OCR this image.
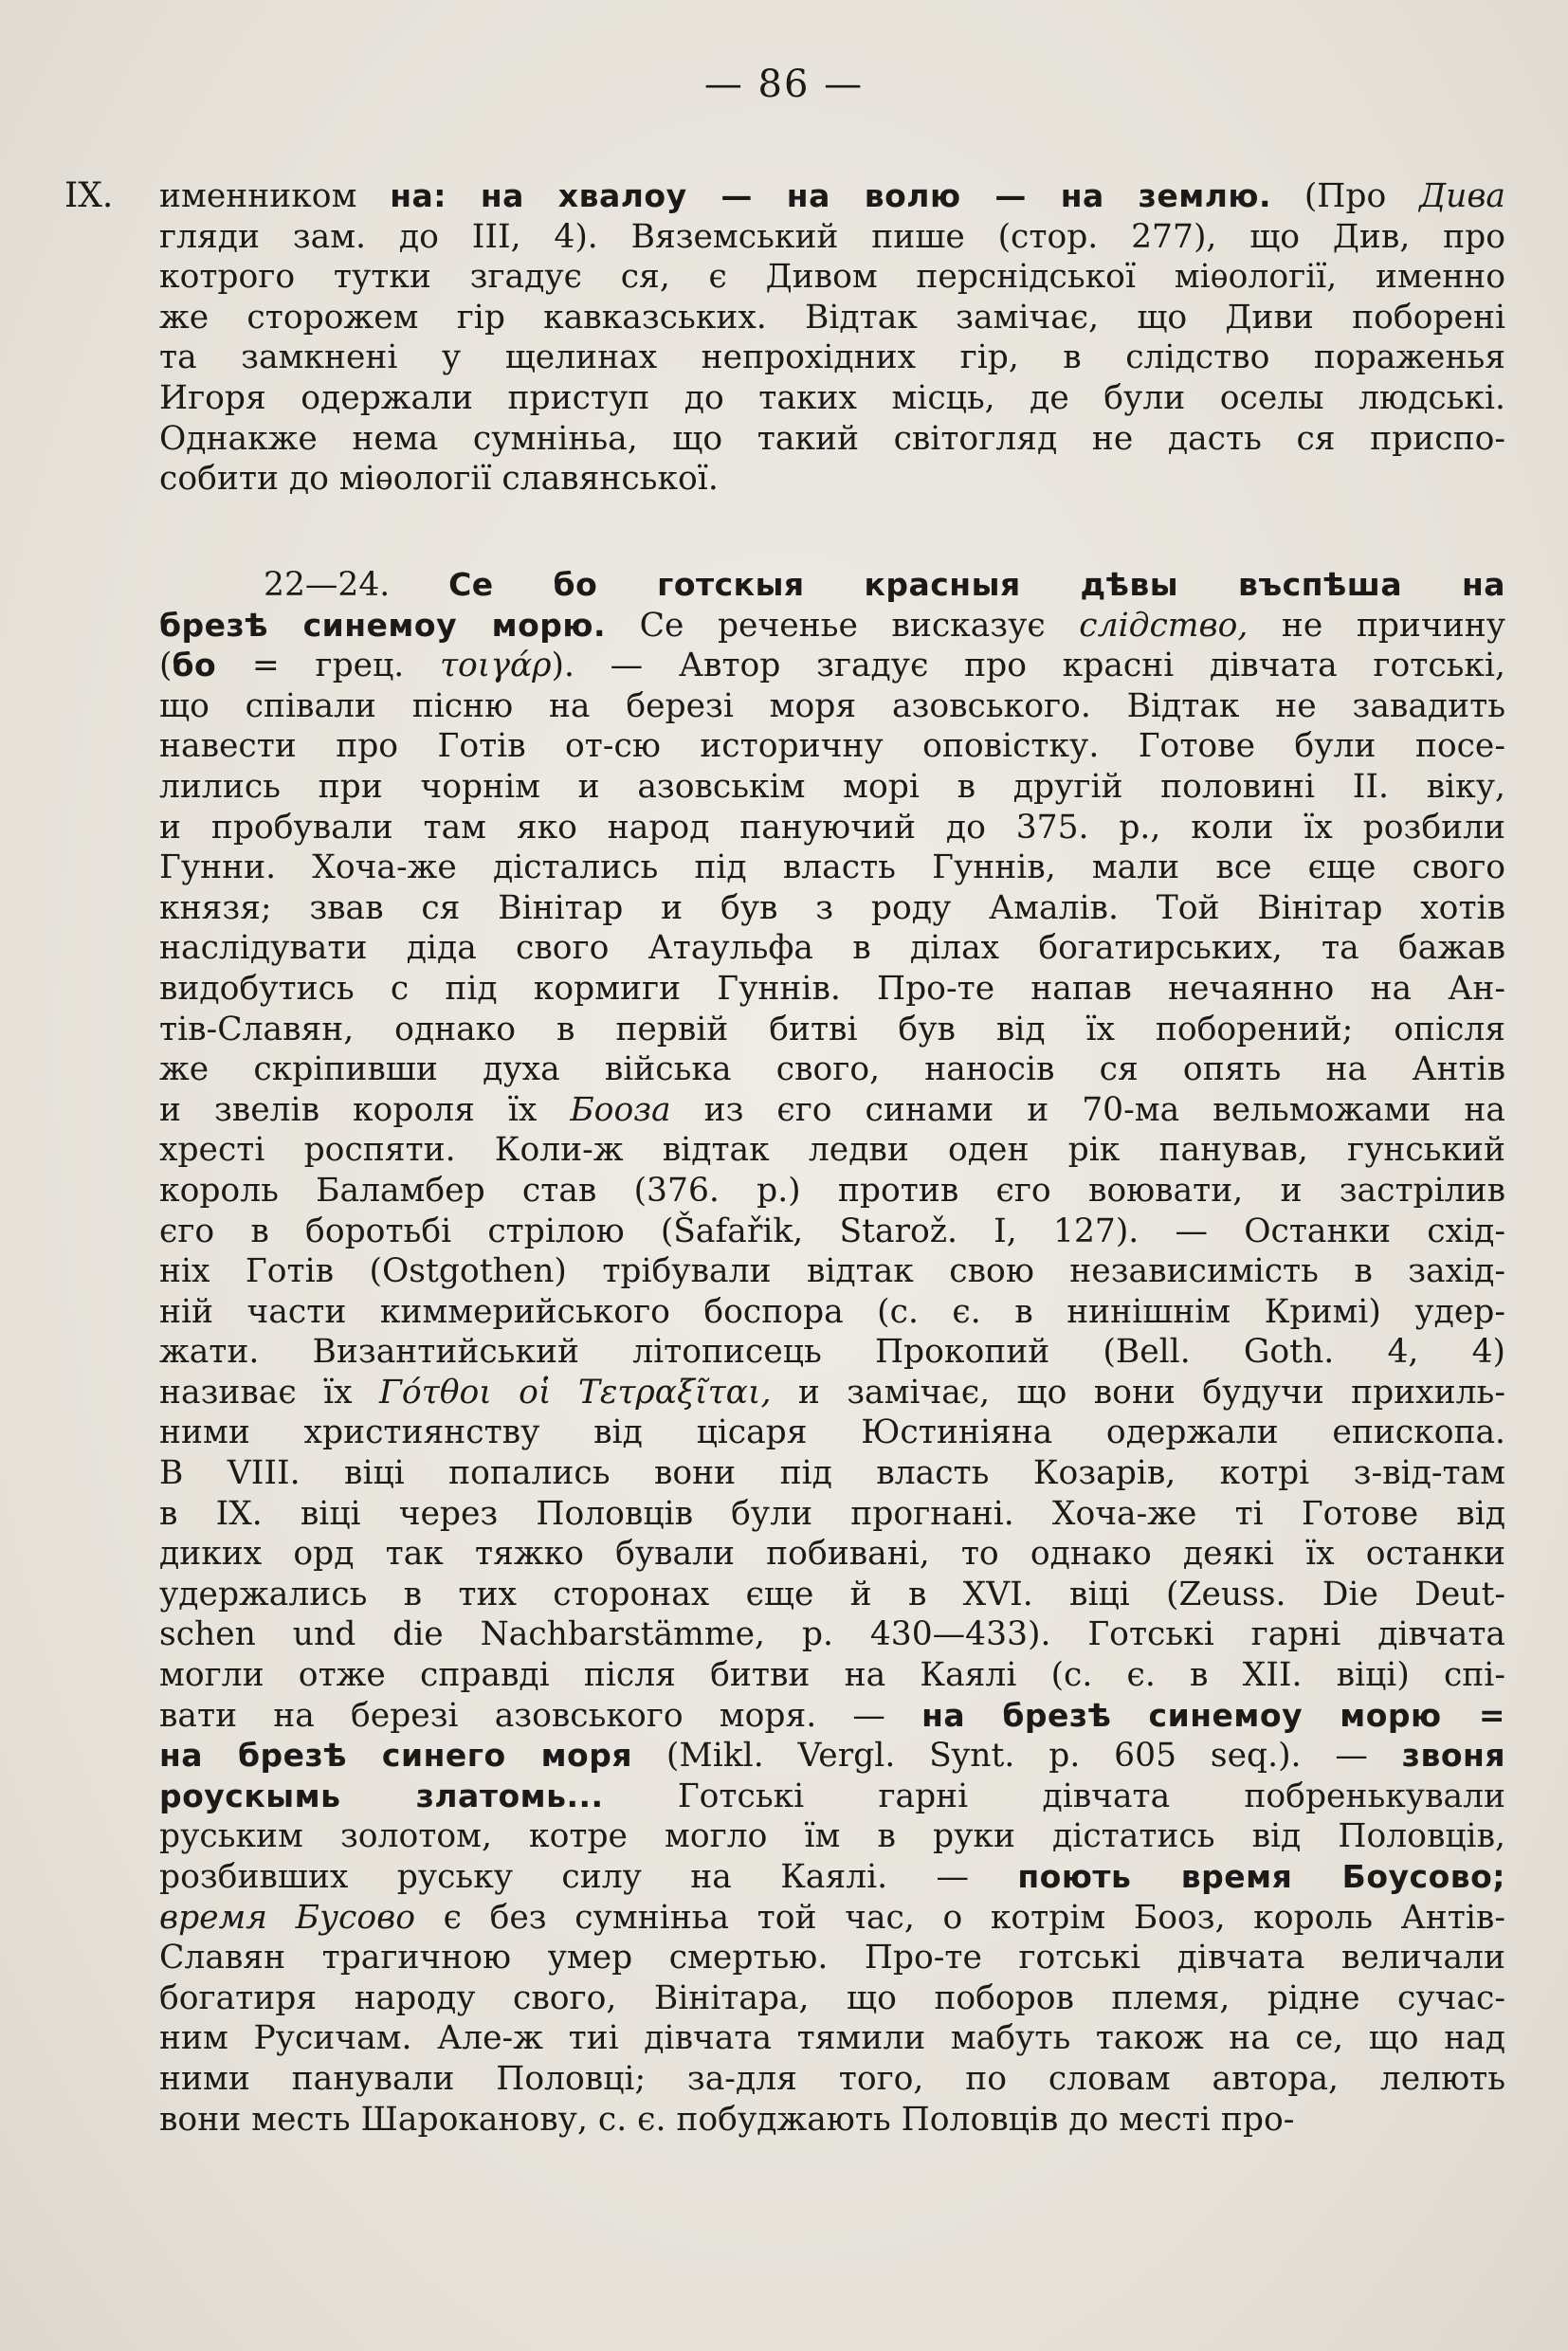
— 86 —
IX. именником на: на хвалоу — на волю — на землю. (Про Дива
гляди зам. до III, 4). Вяземський пише (стор. 277), що Див, про
котрого тутки згадує ся, є Дивом перснідської міѳології, именно
же сторожем гір кавказських. Відтак замічає, що Диви поборені
та замкнені у щелинах непрохідних гір, в слідство пораженья
Игоря одержали приступ до таких місць, де були оселы людські.
Однакже нема сумніньа, що такий світогляд не дасть ся приспо-
собити до міѳології славянської.
22—24. Се бо готскыя красныя дѣвы въспѣша на
брезѣ синемоу морю. Се реченье висказує слідство, не причину
(бо = грец. τοιγάρ). — Автор згадує про красні дівчата готські,
що співали пісню на березі моря азовського. Відтак не завадить
навести про Готів от-сю историчну оповістку. Готове були посе-
лились при чорнім и азовськім морі в другій половині II. віку,
и пробували там яко народ пануючий до 375. р., коли їх розбили
Гунни. Хоча-же дістались під власть Гуннів, мали все єще свого
князя; звав ся Вінітар и був з роду Амалів. Той Вінітар хотів
наслідувати діда свого Атаульфа в ділах богатирських, та бажав
видобутись с під кормиги Гуннів. Про-те напав нечаянно на Ан-
тів-Славян, однако в первій битві був від їх поборений; опісля
же скріпивши духа війська свого, наносів ся опять на Антів
и звелів короля їх Бооза из єго синами и 70-ма вельможами на
хресті роспяти. Коли-ж відтак ледви оден рік панував, гунський
король Баламбер став (376. р.) против єго воювати, и застрілив
єго в боротьбі стрілою (Šafařik, Starož. I, 127). — Останки схід-
ніх Готів (Ostgothen) трібували відтак свою независимість в захід-
ній части киммерийського боспора (с. є. в нинішнім Кримі) удер-
жати. Византийський літописець Прокопий (Bell. Goth. 4, 4)
називає їх Γότθοι οἱ Τετραξῖται, и замічає, що вони будучи прихиль-
ними християнству від цісаря Юстиніяна одержали епископа.
В VIII. віці попались вони під власть Козарів, котрі з-від-там
в IX. віці через Половців були прогнані. Хоча-же ті Готове від
диких орд так тяжко бували побивані, то однако деякі їх останки
удержались в тих сторонах єще й в XVI. віці (Zeuss. Die Deut-
schen und die Nachbarstämme, p. 430—433). Готські гарні дівчата
могли отже справді після битви на Каялі (с. є. в XII. віці) спі-
вати на березі азовського моря. — на брезѣ синемоу морю =
на брезѣ синего моря (Mikl. Vergl. Synt. p. 605 seq.). — звоня
роускымь златомь... Готські гарні дівчата побренькували
руським золотом, котре могло їм в руки дістатись від Половців,
розбивших руську силу на Каялі. — поють время Боусово;
время Бусово є без сумніньа той час, о котрім Бооз, король Антів-
Славян трагичною умер смертью. Про-те готські дівчата величали
богатиря народу свого, Вінітара, що поборов племя, рідне сучас-
ним Русичам. Але-ж тиі дівчата тямили мабуть також на се, що над
ними панували Половці; за-для того, по словам автора, лелють
вони месть Шароканову, с. є. побуджають Половців до месті про-
